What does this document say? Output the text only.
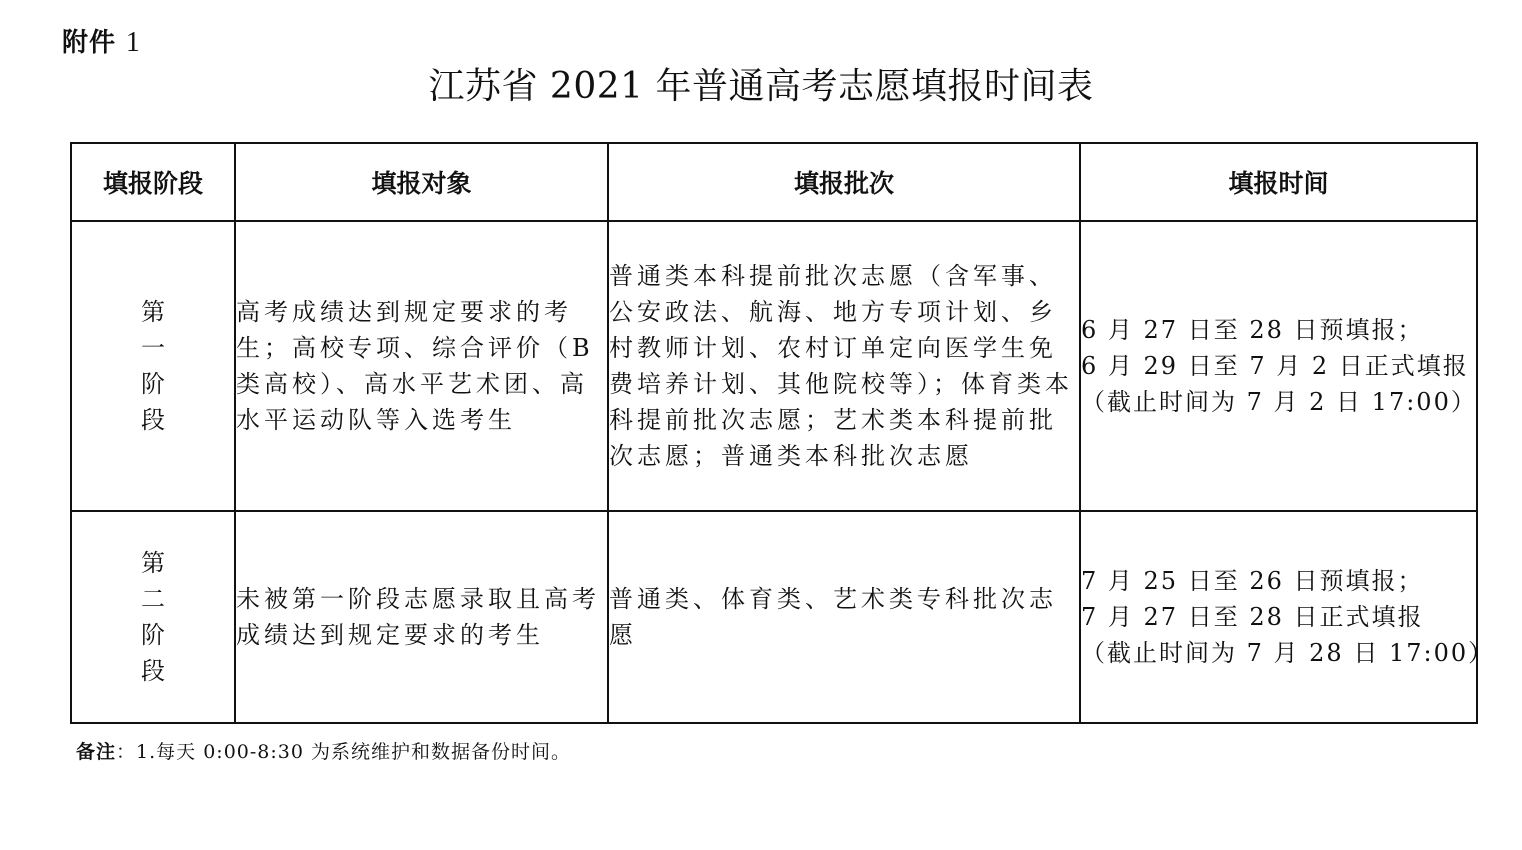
附件 1
江苏省 2021 年普通高考志愿填报时间表
填报阶段	填报对象	填报批次	填报时间
第一阶段	高考成绩达到规定要求的考生；高校专项、综合评价（B类高校）、高水平艺术团、高水平运动队等入选考生	普通类本科提前批次志愿（含军事、公安政法、航海、地方专项计划、乡村教师计划、农村订单定向医学生免费培养计划、其他院校等）；体育类本科提前批次志愿；艺术类本科提前批次志愿；普通类本科批次志愿	6 月 27 日至 28 日预填报；
6 月 29 日至 7 月 2 日正式填报
（截止时间为 7 月 2 日 17:00）

第二阶段	未被第一阶段志愿录取且高考成绩达到规定要求的考生	普通类、体育类、艺术类专科批次志愿	7 月 25 日至 26 日预填报；
7 月 27 日至 28 日正式填报
（截止时间为 7 月 28 日 17:00）
备注：1.每天 0:00-8:30 为系统维护和数据备份时间。
